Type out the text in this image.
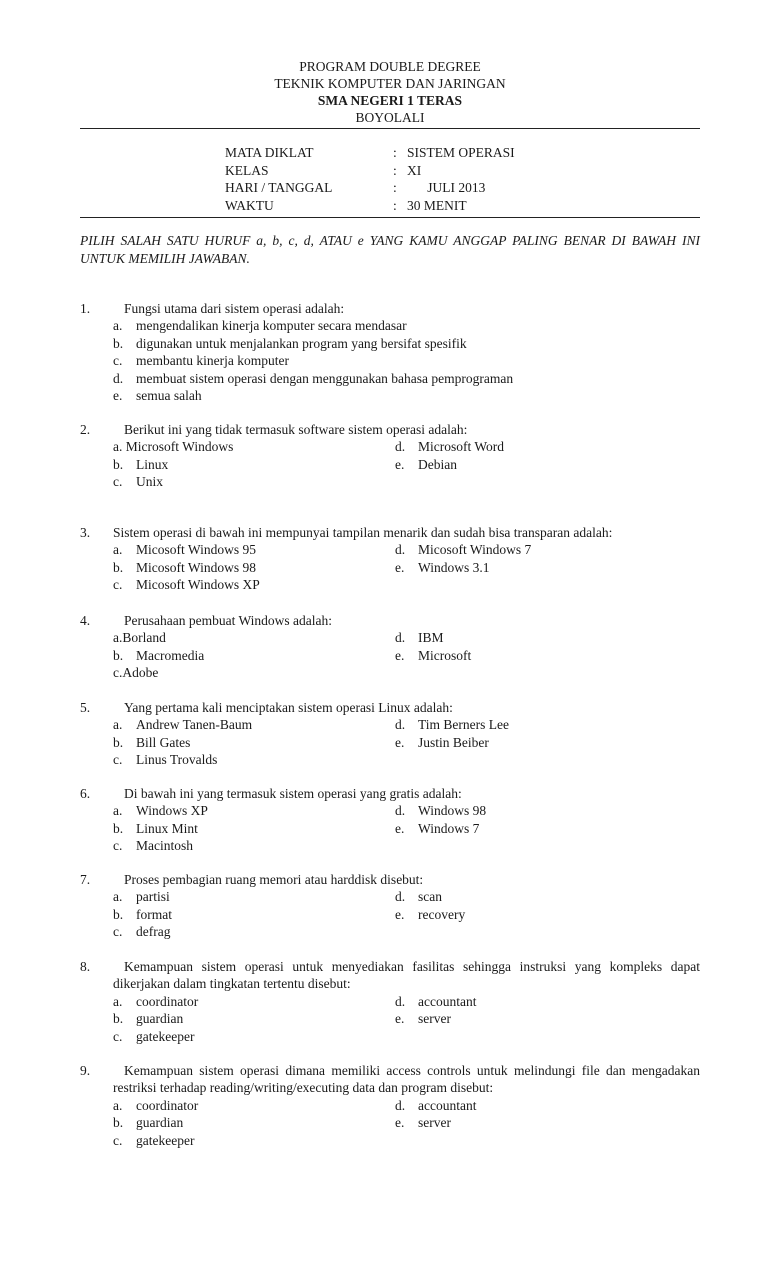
PROGRAM DOUBLE DEGREE
TEKNIK KOMPUTER DAN JARINGAN
SMA NEGERI 1 TERAS
BOYOLALI
MATA DIKLAT	: SISTEM OPERASI
KELAS	: XI
HARI / TANGGAL	: JULI 2013
WAKTU	: 30 MENIT
PILIH SALAH SATU HURUF a, b, c, d, ATAU e YANG KAMU ANGGAP PALING BENAR DI BAWAH INI UNTUK MEMILIH JAWABAN.
1.	Fungsi utama dari sistem operasi adalah:
a. mengendalikan kinerja komputer secara mendasar
b. digunakan untuk menjalankan program yang bersifat spesifik
c. membantu kinerja komputer
d. membuat sistem operasi dengan menggunakan bahasa pemprograman
e. semua salah
2.	Berikut ini yang tidak termasuk software sistem operasi adalah:
a. Microsoft Windows
b. Linux
c. Unix
d. Microsoft Word
e. Debian
3. Sistem operasi di bawah ini mempunyai tampilan menarik dan sudah bisa transparan adalah:
a. Micosoft Windows 95
b. Micosoft Windows 98
c. Micosoft Windows XP
d. Micosoft Windows 7
e. Windows 3.1
4.	Perusahaan pembuat Windows adalah:
a.Borland
b. Macromedia
c.Adobe
d. IBM
e. Microsoft
5.	Yang pertama kali menciptakan sistem operasi Linux adalah:
a. Andrew Tanen-Baum
b. Bill Gates
c. Linus Trovalds
d. Tim Berners Lee
e. Justin Beiber
6.	Di bawah ini yang termasuk sistem operasi yang gratis adalah:
a. Windows XP
b. Linux Mint
c. Macintosh
d. Windows 98
e. Windows 7
7.	Proses pembagian ruang memori atau harddisk disebut:
a. partisi
b. format
c. defrag
d. scan
e. recovery
8.	Kemampuan sistem operasi untuk menyediakan fasilitas sehingga instruksi yang kompleks dapat dikerjakan dalam tingkatan tertentu disebut:
a. coordinator
b. guardian
c. gatekeeper
d. accountant
e. server
9.	Kemampuan sistem operasi dimana memiliki access controls untuk melindungi file dan mengadakan restriksi terhadap reading/writing/executing data dan program disebut:
a. coordinator
b. guardian
c. gatekeeper
d. accountant
e. server
